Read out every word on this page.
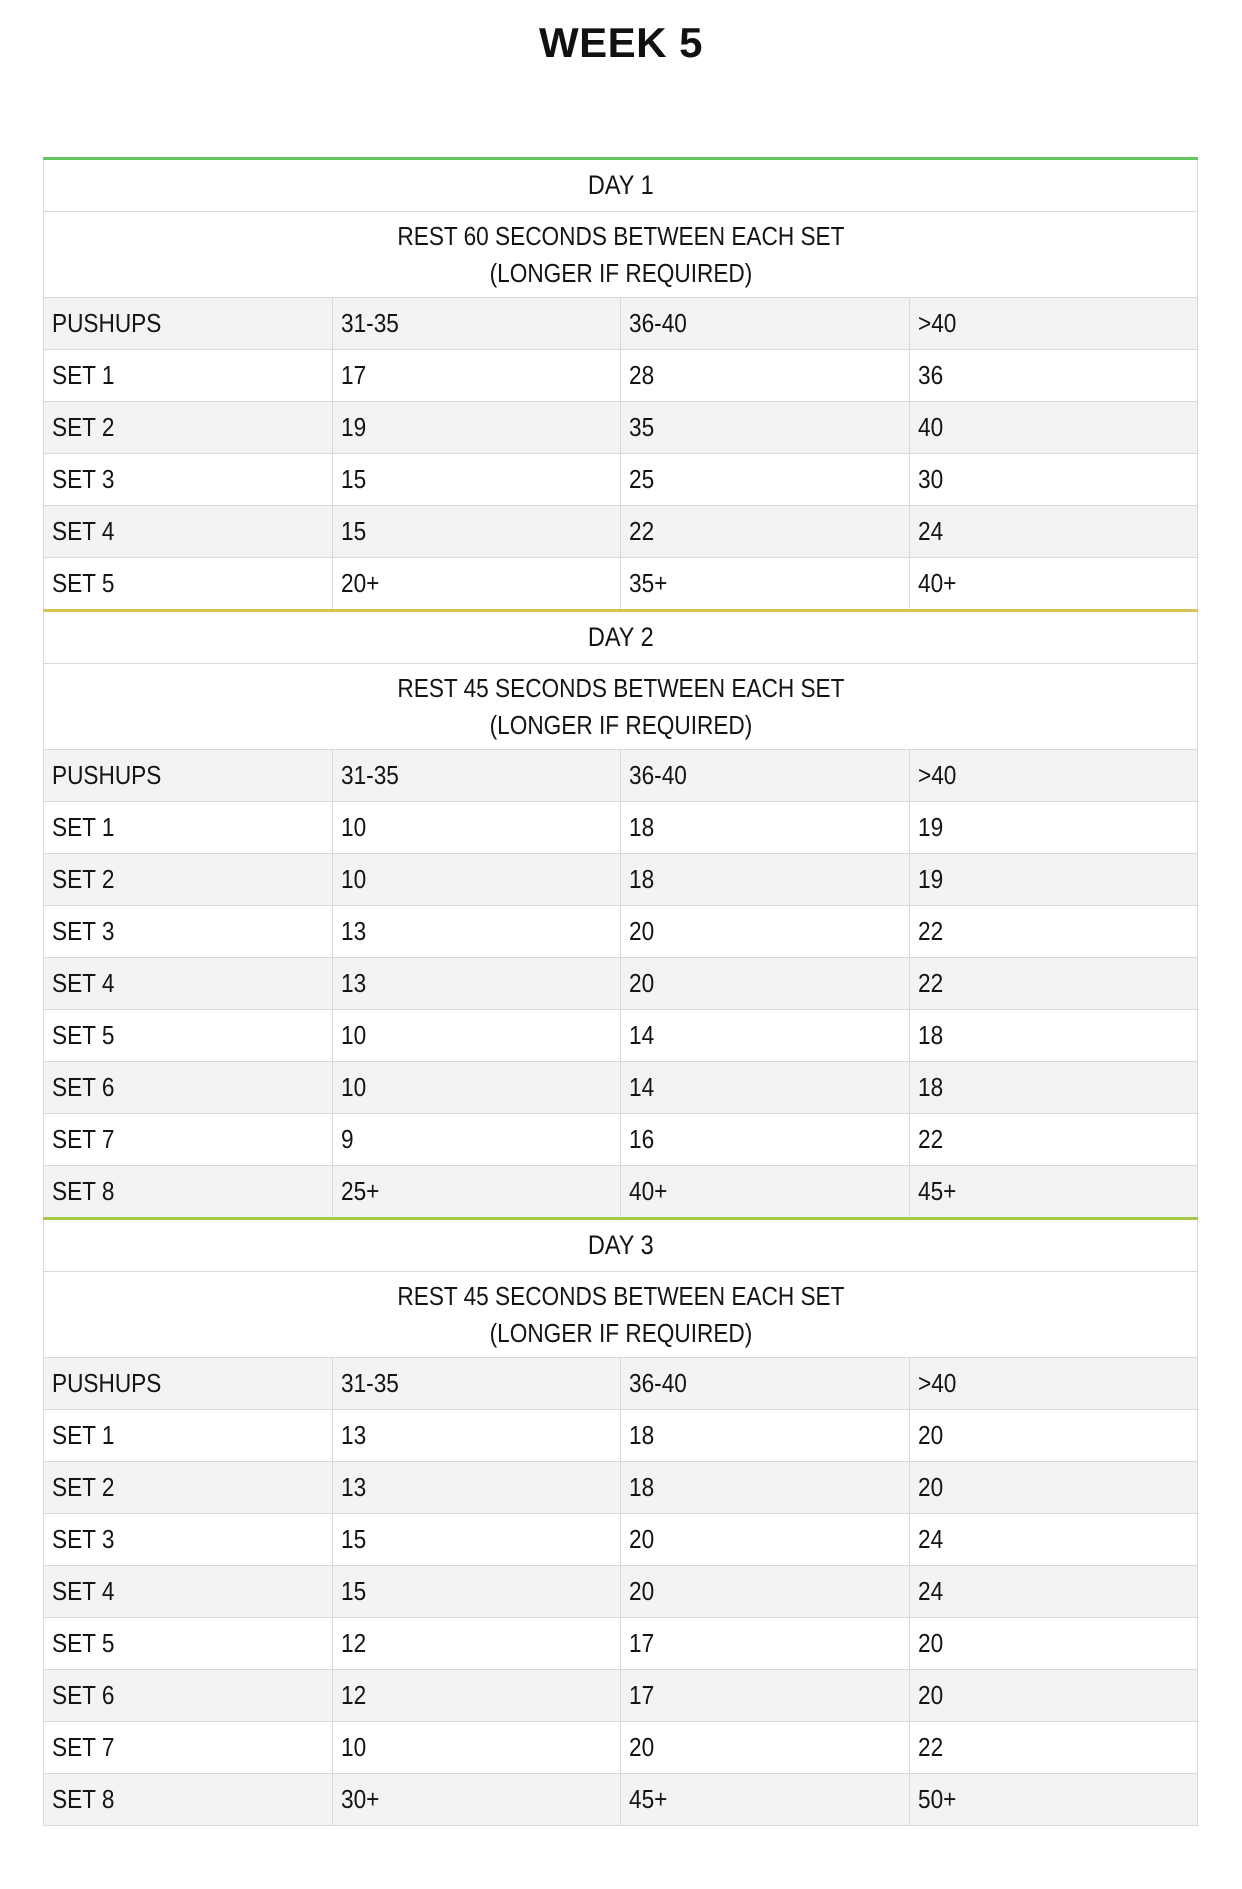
WEEK 5
DAY 1			

REST 60 SECONDS BETWEEN EACH SET
(LONGER IF REQUIRED)			

PUSHUPS	31-35	36-40	>40
SET 1	17	28	36
SET 2	19	35	40
SET 3	15	25	30
SET 4	15	22	24
SET 5	20+	35+	40+
DAY 2			

REST 45 SECONDS BETWEEN EACH SET
(LONGER IF REQUIRED)			

PUSHUPS	31-35	36-40	>40
SET 1	10	18	19
SET 2	10	18	19
SET 3	13	20	22
SET 4	13	20	22
SET 5	10	14	18
SET 6	10	14	18
SET 7	9	16	22
SET 8	25+	40+	45+
DAY 3			

REST 45 SECONDS BETWEEN EACH SET
(LONGER IF REQUIRED)			

PUSHUPS	31-35	36-40	>40
SET 1	13	18	20
SET 2	13	18	20
SET 3	15	20	24
SET 4	15	20	24
SET 5	12	17	20
SET 6	12	17	20
SET 7	10	20	22
SET 8	30+	45+	50+
